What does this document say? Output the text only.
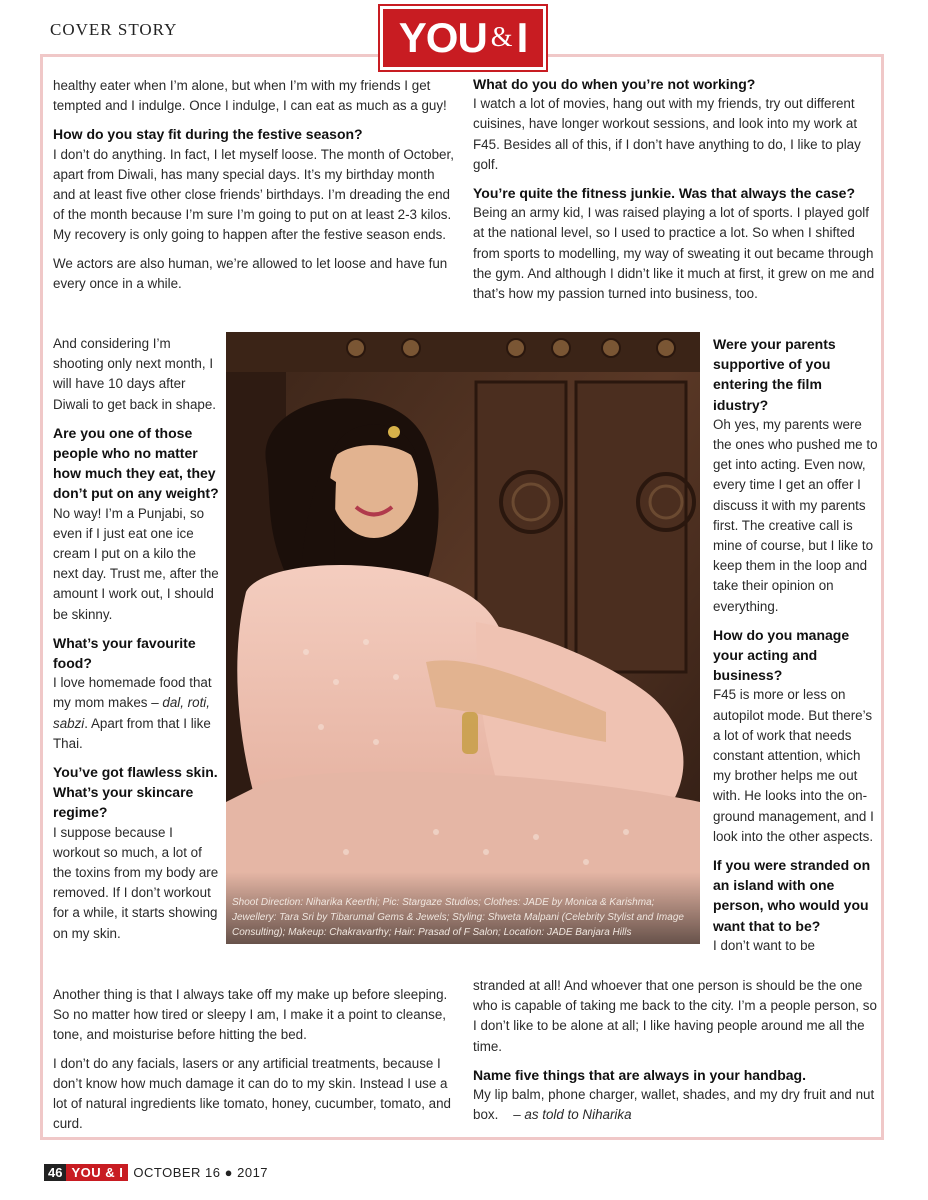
COVER STORY	YOU & I

healthy eater when I’m alone, but when I’m with my friends I get tempted and I indulge. Once I indulge, I can eat as much as a guy!

How do you stay fit during the festive season?

I don’t do anything. In fact, I let myself loose. The month of October, apart from Diwali, has many special days. It’s my birthday month and at least five other close friends’ birthdays. I’m dreading the end of the month because I’m sure I’m going to put on at least 2-3 kilos. My recovery is only going to happen after the festive season ends.

We actors are also human, we’re allowed to let loose and have fun every once in a while.

And considering I’m shooting only next month, I will have 10 days after Diwali to get back in shape.

Are you one of those people who no matter how much they eat, they don’t put on any weight?

No way! I’m a Punjabi, so even if I just eat one ice cream I put on a kilo the next day. Trust me, after the amount I work out, I should be skinny.

What’s your favourite food?

I love homemade food that my mom makes – dal, roti, sabzi. Apart from that I like Thai.

You’ve got flawless skin. What’s your skincare regime?

I suppose because I workout so much, a lot of the toxins from my body are removed. If I don’t workout for a while, it starts showing on my skin.

Another thing is that I always take off my make up before sleeping. So no matter how tired or sleepy I am, I make it a point to cleanse, tone, and moisturise before hitting the bed.

I don’t do any facials, lasers or any artificial treatments, because I don’t know how much damage it can do to my skin. Instead I use a lot of natural ingredients like tomato, honey, cucumber, tomato, and curd.

What do you do when you’re not working?

I watch a lot of movies, hang out with my friends, try out different cuisines, have longer workout sessions, and look into my work at F45. Besides all of this, if I don’t have anything to do, I like to play golf.

You’re quite the fitness junkie. Was that always the case?

Being an army kid, I was raised playing a lot of sports. I played golf at the national level, so I used to practice a lot. So when I shifted from sports to modelling, my way of sweating it out became through the gym. And although I didn’t like it much at first, it grew on me and that’s how my passion turned into business, too.

Were your parents supportive of you entering the film idustry?

Oh yes, my parents were the ones who pushed me to get into acting. Even now, every time I get an offer I discuss it with my parents first. The creative call is mine of course, but I like to keep them in the loop and take their opinion on everything.

How do you manage your acting and business?

F45 is more or less on autopilot mode. But there’s a lot of work that needs constant attention, which my brother helps me out with. He looks into the on-ground management, and I look into the other aspects.

If you were stranded on an island with one person, who would you want that to be?

I don’t want to be

stranded at all! And whoever that one person is should be the one who is capable of taking me back to the city. I’m a people person, so I don’t like to be alone at all; I like having people around me all the time.

Name five things that are always in your handbag.

My lip balm, phone charger, wallet, shades, and my dry fruit and nut box. – as told to Niharika

Shoot Direction: Niharika Keerthi; Pic: Stargaze Studios; Clothes: JADE by Monica & Karishma; Jewellery: Tara Sri by Tibarumal Gems & Jewels; Styling: Shweta Malpani (Celebrity Stylist and Image Consulting); Makeup: Chakravarthy; Hair: Prasad of F Salon; Location: JADE Banjara Hills
46 YOU & I OCTOBER 16 ● 2017
